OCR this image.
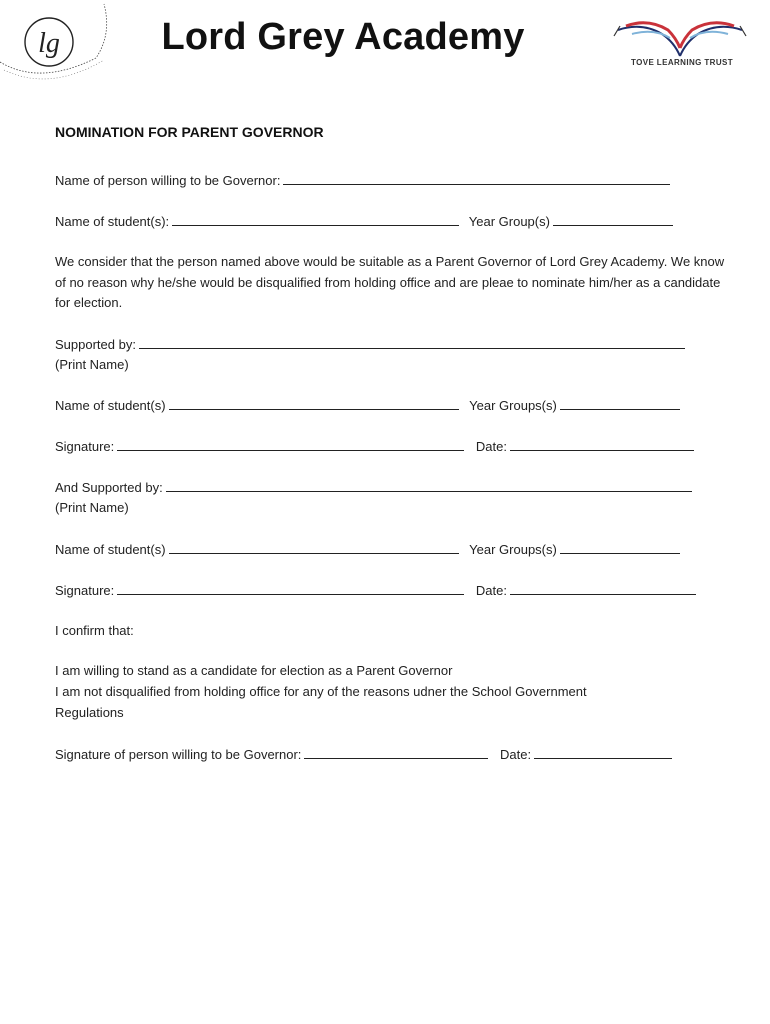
lg	Lord Grey Academy
TOVE LEARNING TRUST
NOMINATION FOR PARENT GOVERNOR
Name of person willing to be Governor:
Name of student(s):	Year Group(s)
We consider that the person named above would be suitable as a Parent Governor of Lord Grey Academy. We know of no reason why he/she would be disqualified from holding office and are pleae to nominate him/her as a candidate for election.
Supported by:
(Print Name)
Name of student(s)	Year Groups(s)
Signature:	Date:
And Supported by:
(Print Name)
Name of student(s)	Year Groups(s)
Signature:	Date:
I confirm that:
I am willing to stand as a candidate for election as a Parent Governor
I am not disqualified from holding office for any of the reasons udner the School Government Regulations
Signature of person willing to be Governor:	Date:
